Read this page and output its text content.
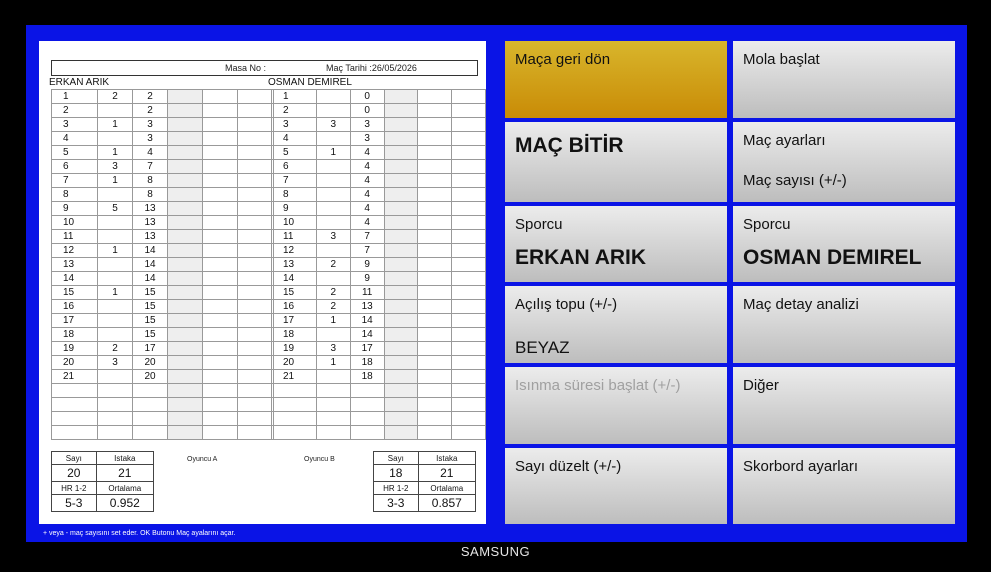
Masa No :	Maç Tarihi :26/05/2026
ERKAN ARIK	OSMAN DEMIREL
1	2	2			
2		2			
3	1	3			
4		3			
5	1	4			
6	3	7			
7	1	8			
8		8			
9	5	13			
10		13			
11		13			
12	1	14			
13		14			
14		14			
15	1	15			
16		15			
17		15			
18		15			
19	2	17			
20	3	20			
21		20			

1		0			
2		0			
3	3	3			
4		3			
5	1	4			
6		4			
7		4			
8		4			
9		4			
10		4			
11	3	7			
12		7			
13	2	9			
14		9			
15	2	11			
16	2	13			
17	1	14			
18		14			
19	3	17			
20	1	18			
21		18			

Sayı	Istaka
20	21
HR 1-2	Ortalama
5-3	0.952
Oyuncu A	Oyuncu B	Sayı	Istaka
18	21
HR 1-2	Ortalama
3-3	0.857
+ veya - maç sayısını set eder. OK Butonu Maç ayalarını açar.
Maça geri dön	Mola başlat
MAÇ BİTİR	Maç ayarları
Maç sayısı (+/-)
Sporcu
ERKAN ARIK
Sporcu
OSMAN DEMIREL
Açılış topu (+/-)
BEYAZ
Maç detay analizi
Isınma süresi başlat (+/-)	Diğer
Sayı düzelt (+/-)	Skorbord ayarları
SAMSUNG
